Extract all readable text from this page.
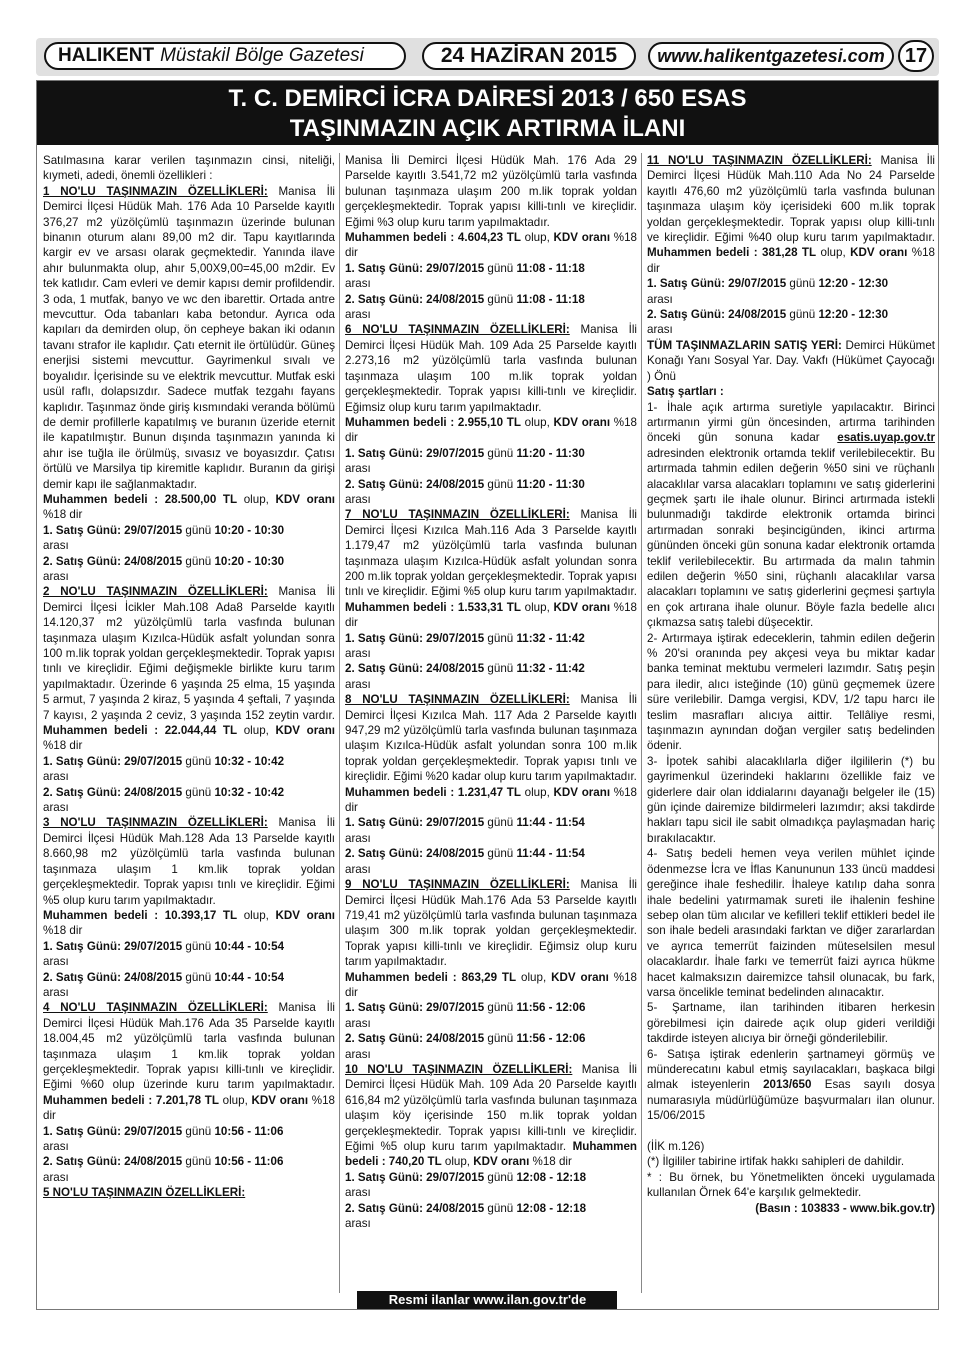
HALIKENT Müstakil Bölge Gazetesi	24 HAZİRAN 2015	www.halikentgazetesi.com	17
T. C. DEMİRCİ İCRA DAİRESİ 2013 / 650 ESAS
TAŞINMAZIN AÇIK ARTIRMA İLANI

Satılmasına karar verilen taşınmazın cinsi, niteliği, kıymeti, adedi, önemli özellikleri :

1 NO'LU TAŞINMAZIN ÖZELLİKLERİ: Manisa İli Demirci İlçesi Hüdük Mah. 176 Ada 10 Parselde kayıtlı 376,27 m2 yüzölçümlü taşınmazın üzerinde bulunan binanın oturum alanı 89,00 m2 dir. Tapu kayıtlarında kargir ev ve arsası olarak geçmektedir. Yanında ilave ahır bulunmakta olup, ahır 5,00X9,00=45,00 m2dir. Ev tek katlıdır. Cam evleri ve demir kapısı demir profildendir. 3 oda, 1 mutfak, banyo ve wc den ibarettir. Ortada antre mevcuttur. Oda tabanları kaba betondur. Ayrıca oda kapıları da demirden olup, ön cepheye bakan iki odanın tavanı strafor ile kaplıdır. Çatı eternit ile örtülüdür. Güneş enerjisi sistemi mevcuttur. Gayrimenkul sıvalı ve boyalıdır. İçerisinde su ve elektrik mevcuttur. Mutfak eski usül raflı, dolapsızdır. Sadece mutfak tezgahı fayans kaplıdır. Taşınmaz önde giriş kısmındaki veranda bölümü de demir profillerle kapatılmış ve buranın üzeride eternit ile kapatılmıştır. Bunun dışında taşınmazın yanında ki ahır ise tuğla ile örülmüş, sıvasız ve boyasızdır. Çatısı örtülü ve Marsilya tip kiremitle kaplıdır. Buranın da girişi demir kapı ile sağlanmaktadır.

Muhammen bedeli : 28.500,00 TL olup, KDV oranı %18 dir

1. Satış Günü: 29/07/2015 günü 10:20 - 10:30

arası

2. Satış Günü: 24/08/2015 günü 10:20 - 10:30

arası

2 NO'LU TAŞINMAZIN ÖZELLİKLERİ: Manisa İli Demirci İlçesi İcikler Mah.108 Ada8 Parselde kayıtlı 14.120,37 m2 yüzölçümlü tarla vasfında bulunan taşınmaza ulaşım Kızılca-Hüdük asfalt yolundan sonra 100 m.lik toprak yoldan gerçekleşmektedir. Toprak yapısı tınlı ve kireçlidir. Eğimi değişmekle birlikte kuru tarım yapılmaktadır. Üzerinde 6 yaşında 25 elma, 15 yaşında 5 armut, 7 yaşında 2 kiraz, 5 yaşında 4 şeftali, 7 yaşında 7 kayısı, 2 yaşında 2 ceviz, 3 yaşında 152 zeytin vardır. Muhammen bedeli : 22.044,44 TL olup, KDV oranı %18 dir

1. Satış Günü: 29/07/2015 günü 10:32 - 10:42

arası

2. Satış Günü: 24/08/2015 günü 10:32 - 10:42

arası

3 NO'LU TAŞINMAZIN ÖZELLİKLERİ: Manisa İli Demirci İlçesi Hüdük Mah.128 Ada 13 Parselde kayıtlı 8.660,98 m2 yüzölçümlü tarla vasfında bulunan taşınmaza ulaşım 1 km.lik toprak yoldan gerçekleşmektedir. Toprak yapısı tınlı ve kireçlidir. Eğimi %5 olup kuru tarım yapılmaktadır.

Muhammen bedeli : 10.393,17 TL olup, KDV oranı %18 dir

1. Satış Günü: 29/07/2015 günü 10:44 - 10:54

arası

2. Satış Günü: 24/08/2015 günü 10:44 - 10:54

arası

4 NO'LU TAŞINMAZIN ÖZELLİKLERİ: Manisa İli Demirci İlçesi Hüdük Mah.176 Ada 35 Parselde kayıtlı 18.004,45 m2 yüzölçümlü tarla vasfında bulunan taşınmaza ulaşım 1 km.lik toprak yoldan gerçekleşmektedir. Toprak yapısı killi-tınlı ve kireçlidir. Eğimi %60 olup üzerinde kuru tarım yapılmaktadır. Muhammen bedeli : 7.201,78 TL olup, KDV oranı %18 dir

1. Satış Günü: 29/07/2015 günü 10:56 - 11:06

arası

2. Satış Günü: 24/08/2015 günü 10:56 - 11:06

arası

5 NO'LU TAŞINMAZIN ÖZELLİKLERİ:

Manisa İli Demirci İlçesi Hüdük Mah. 176 Ada 29 Parselde kayıtlı 3.541,72 m2 yüzölçümlü tarla vasfında bulunan taşınmaza ulaşım 200 m.lik toprak yoldan gerçekleşmektedir. Toprak yapısı killi-tınlı ve kireçlidir. Eğimi %3 olup kuru tarım yapılmaktadır.

Muhammen bedeli : 4.604,23 TL olup, KDV oranı %18 dir

1. Satış Günü: 29/07/2015 günü 11:08 - 11:18

arası

2. Satış Günü: 24/08/2015 günü 11:08 - 11:18

arası

6 NO'LU TAŞINMAZIN ÖZELLİKLERİ: Manisa İli Demirci İlçesi Hüdük Mah. 109 Ada 25 Parselde kayıtlı 2.273,16 m2 yüzölçümlü tarla vasfında bulunan taşınmaza ulaşım 100 m.lik toprak yoldan gerçekleşmektedir. Toprak yapısı killi-tınlı ve kireçlidir. Eğimsiz olup kuru tarım yapılmaktadır.

Muhammen bedeli : 2.955,10 TL olup, KDV oranı %18 dir

1. Satış Günü: 29/07/2015 günü 11:20 - 11:30

arası

2. Satış Günü: 24/08/2015 günü 11:20 - 11:30

arası

7 NO'LU TAŞINMAZIN ÖZELLİKLERİ: Manisa İli Demirci İlçesi Kızılca Mah.116 Ada 3 Parselde kayıtlı 1.179,47 m2 yüzölçümlü tarla vasfında bulunan taşınmaza ulaşım Kızılca-Hüdük asfalt yolundan sonra 200 m.lik toprak yoldan gerçekleşmektedir. Toprak yapısı tınlı ve kireçlidir. Eğimi %5 olup kuru tarım yapılmaktadır. Muhammen bedeli : 1.533,31 TL olup, KDV oranı %18 dir

1. Satış Günü: 29/07/2015 günü 11:32 - 11:42

arası

2. Satış Günü: 24/08/2015 günü 11:32 - 11:42

arası

8 NO'LU TAŞINMAZIN ÖZELLİKLERİ: Manisa İli Demirci İlçesi Kızılca Mah. 117 Ada 2 Parselde kayıtlı 947,29 m2 yüzölçümlü tarla vasfında bulunan taşınmaza ulaşım Kızılca-Hüdük asfalt yolundan sonra 100 m.lik toprak yoldan gerçekleşmektedir. Toprak yapısı tınlı ve kireçlidir. Eğimi %20 kadar olup kuru tarım yapılmaktadır.

Muhammen bedeli : 1.231,47 TL olup, KDV oranı %18 dir

1. Satış Günü: 29/07/2015 günü 11:44 - 11:54

arası

2. Satış Günü: 24/08/2015 günü 11:44 - 11:54

arası

9 NO'LU TAŞINMAZIN ÖZELLİKLERİ: Manisa İli Demirci İlçesi Hüdük Mah.176 Ada 53 Parselde kayıtlı 719,41 m2 yüzölçümlü tarla vasfında bulunan taşınmaza ulaşım 300 m.lik toprak yoldan gerçekleşmektedir. Toprak yapısı killi-tınlı ve kireçlidir. Eğimsiz olup kuru tarım yapılmaktadır.

Muhammen bedeli : 863,29 TL olup, KDV oranı %18 dir

1. Satış Günü: 29/07/2015 günü 11:56 - 12:06

arası

2. Satış Günü: 24/08/2015 günü 11:56 - 12:06

arası

10 NO'LU TAŞINMAZIN ÖZELLİKLERİ: Manisa İli Demirci İlçesi Hüdük Mah. 109 Ada 20 Parselde kayıtlı 616,84 m2 yüzölçümlü tarla vasfında bulunan taşınmaza ulaşım köy içerisinde 150 m.lik toprak yoldan gerçekleşmektedir. Toprak yapısı killi-tınlı ve kireçlidir. Eğimi %5 olup kuru tarım yapılmaktadır. Muhammen bedeli : 740,20 TL olup, KDV oranı %18 dir

1. Satış Günü: 29/07/2015 günü 12:08 - 12:18

arası

2. Satış Günü: 24/08/2015 günü 12:08 - 12:18

arası

11 NO'LU TAŞINMAZIN ÖZELLİKLERİ: Manisa İli Demirci İlçesi Hüdük Mah.110 Ada No 24 Parselde kayıtlı 476,60 m2 yüzölçümlü tarla vasfında bulunan taşınmaza ulaşım köy içerisideki 600 m.lik toprak yoldan gerçekleşmektedir. Toprak yapısı olup killi-tınlı ve kireçlidir. Eğimi %40 olup kuru tarım yapılmaktadır. Muhammen bedeli : 381,28 TL olup, KDV oranı %18 dir

1. Satış Günü: 29/07/2015 günü 12:20 - 12:30

arası

2. Satış Günü: 24/08/2015 günü 12:20 - 12:30

arası

TÜM TAŞINMAZLARIN SATIŞ YERİ: Demirci Hükümet Konağı Yanı Sosyal Yar. Day. Vakfı (Hükümet Çayocağı ) Önü

Satış şartları :

1- İhale açık artırma suretiyle yapılacaktır. Birinci artırmanın yirmi gün öncesinden, artırma tarihinden önceki gün sonuna kadar esatis.uyap.gov.tr adresinden elektronik ortamda teklif verilebilecektir. Bu artırmada tahmin edilen değerin %50 sini ve rüçhanlı alacaklılar varsa alacakları toplamını ve satış giderlerini geçmek şartı ile ihale olunur. Birinci artırmada istekli bulunmadığı takdirde elektronik ortamda birinci artırmadan sonraki beşincigünden, ikinci artırma gününden önceki gün sonuna kadar elektronik ortamda teklif verilebilecektir. Bu artırmada da malın tahmin edilen değerin %50 sini, rüçhanlı alacaklılar varsa alacakları toplamını ve satış giderlerini geçmesi şartıyla en çok artırana ihale olunur. Böyle fazla bedelle alıcı çıkmazsa satış talebi düşecektir.

2- Artırmaya iştirak edeceklerin, tahmin edilen değerin % 20'si oranında pey akçesi veya bu miktar kadar banka teminat mektubu vermeleri lazımdır. Satış peşin para iledir, alıcı isteğinde (10) günü geçmemek üzere süre verilebilir. Damga vergisi, KDV, 1/2 tapu harcı ile teslim masrafları alıcıya aittir. Tellâliye resmi, taşınmazın aynından doğan vergiler satış bedelinden ödenir.

3- İpotek sahibi alacaklılarla diğer ilgililerin (*) bu gayrimenkul üzerindeki haklarını özellikle faiz ve giderlere dair olan iddialarını dayanağı belgeler ile (15) gün içinde dairemize bildirmeleri lazımdır; aksi takdirde hakları tapu sicil ile sabit olmadıkça paylaşmadan hariç bırakılacaktır.

4- Satış bedeli hemen veya verilen mühlet içinde ödenmezse İcra ve İflas Kanununun 133 üncü maddesi gereğince ihale feshedilir. İhaleye katılıp daha sonra ihale bedelini yatırmamak sureti ile ihalenin feshine sebep olan tüm alıcılar ve kefilleri teklif ettikleri bedel ile son ihale bedeli arasındaki farktan ve diğer zararlardan ve ayrıca temerrüt faizinden müteselsilen mesul olacaklardır. İhale farkı ve temerrüt faizi ayrıca hükme hacet kalmaksızın dairemizce tahsil olunacak, bu fark, varsa öncelikle teminat bedelinden alınacaktır.

5- Şartname, ilan tarihinden itibaren herkesin görebilmesi için dairede açık olup gideri verildiği takdirde isteyen alıcıya bir örneği gönderilebilir.

6- Satışa iştirak edenlerin şartnameyi görmüş ve münderecatını kabul etmiş sayılacakları, başkaca bilgi almak isteyenlerin 2013/650 Esas sayılı dosya numarasıyla müdürlüğümüze başvurmaları ilan olunur. 15/06/2015

(İİK m.126)

(*) İlgililer tabirine irtifak hakkı sahipleri de dahildir.

* : Bu örnek, bu Yönetmelikten önceki uygulamada kullanılan Örnek 64'e karşılık gelmektedir.

(Basın : 103833 - www.bik.gov.tr)

Resmi ilanlar www.ilan.gov.tr'de
